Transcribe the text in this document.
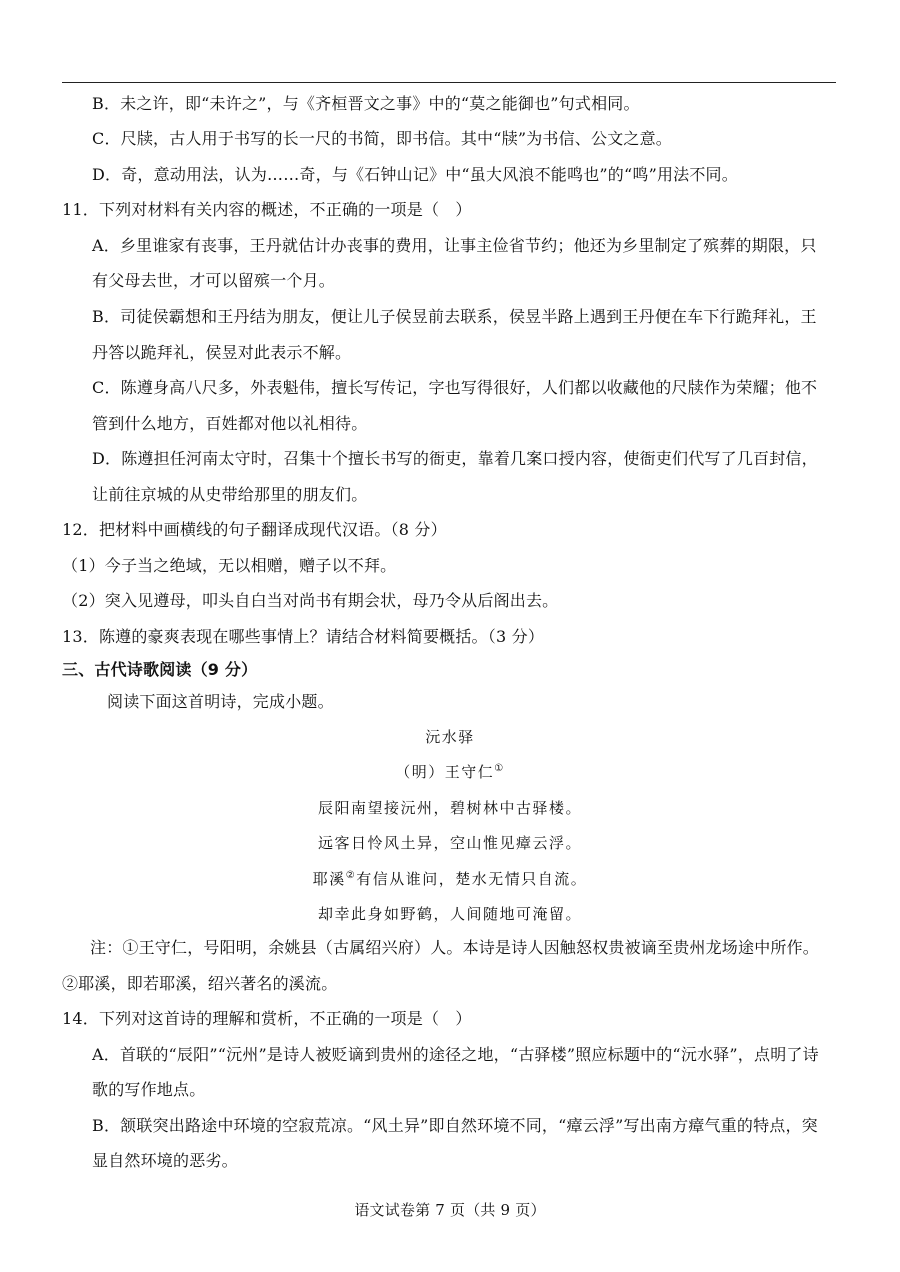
B．未之许，即“未许之”，与《齐桓晋文之事》中的“莫之能御也”句式相同。
C．尺牍，古人用于书写的长一尺的书简，即书信。其中“牍”为书信、公文之意。
D．奇，意动用法，认为……奇，与《石钟山记》中“虽大风浪不能鸣也”的“鸣”用法不同。
11．下列对材料有关内容的概述，不正确的一项是（　）
A．乡里谁家有丧事，王丹就估计办丧事的费用，让事主俭省节约；他还为乡里制定了殡葬的期限，只
有父母去世，才可以留殡一个月。
B．司徒侯霸想和王丹结为朋友，便让儿子侯昱前去联系，侯昱半路上遇到王丹便在车下行跪拜礼，王
丹答以跪拜礼，侯昱对此表示不解。
C．陈遵身高八尺多，外表魁伟，擅长写传记，字也写得很好，人们都以收藏他的尺牍作为荣耀；他不
管到什么地方，百姓都对他以礼相待。
D．陈遵担任河南太守时，召集十个擅长书写的衙吏，靠着几案口授内容，使衙吏们代写了几百封信，
让前往京城的从史带给那里的朋友们。
12．把材料中画横线的句子翻译成现代汉语。（8 分）
（1）今子当之绝域，无以相赠，赠子以不拜。
（2）突入见遵母，叩头自白当对尚书有期会状，母乃令从后阁出去。
13．陈遵的豪爽表现在哪些事情上？请结合材料简要概括。（3 分）
三、古代诗歌阅读（9 分）
阅读下面这首明诗，完成小题。
沅水驿
（明）王守仁①
辰阳南望接沅州，碧树林中古驿楼。
远客日怜风土异，空山惟见瘴云浮。
耶溪②有信从谁问，楚水无情只自流。
却幸此身如野鹤，人间随地可淹留。
注：①王守仁，号阳明，余姚县（古属绍兴府）人。本诗是诗人因触怒权贵被谪至贵州龙场途中所作。
②耶溪，即若耶溪，绍兴著名的溪流。
14．下列对这首诗的理解和赏析，不正确的一项是（　）
A．首联的“辰阳”“沅州”是诗人被贬谪到贵州的途径之地，“古驿楼”照应标题中的“沅水驿”，点明了诗
歌的写作地点。
B．颔联突出路途中环境的空寂荒凉。“风土异”即自然环境不同，“瘴云浮”写出南方瘴气重的特点，突
显自然环境的恶劣。
语文试卷第 7 页（共 9 页）
